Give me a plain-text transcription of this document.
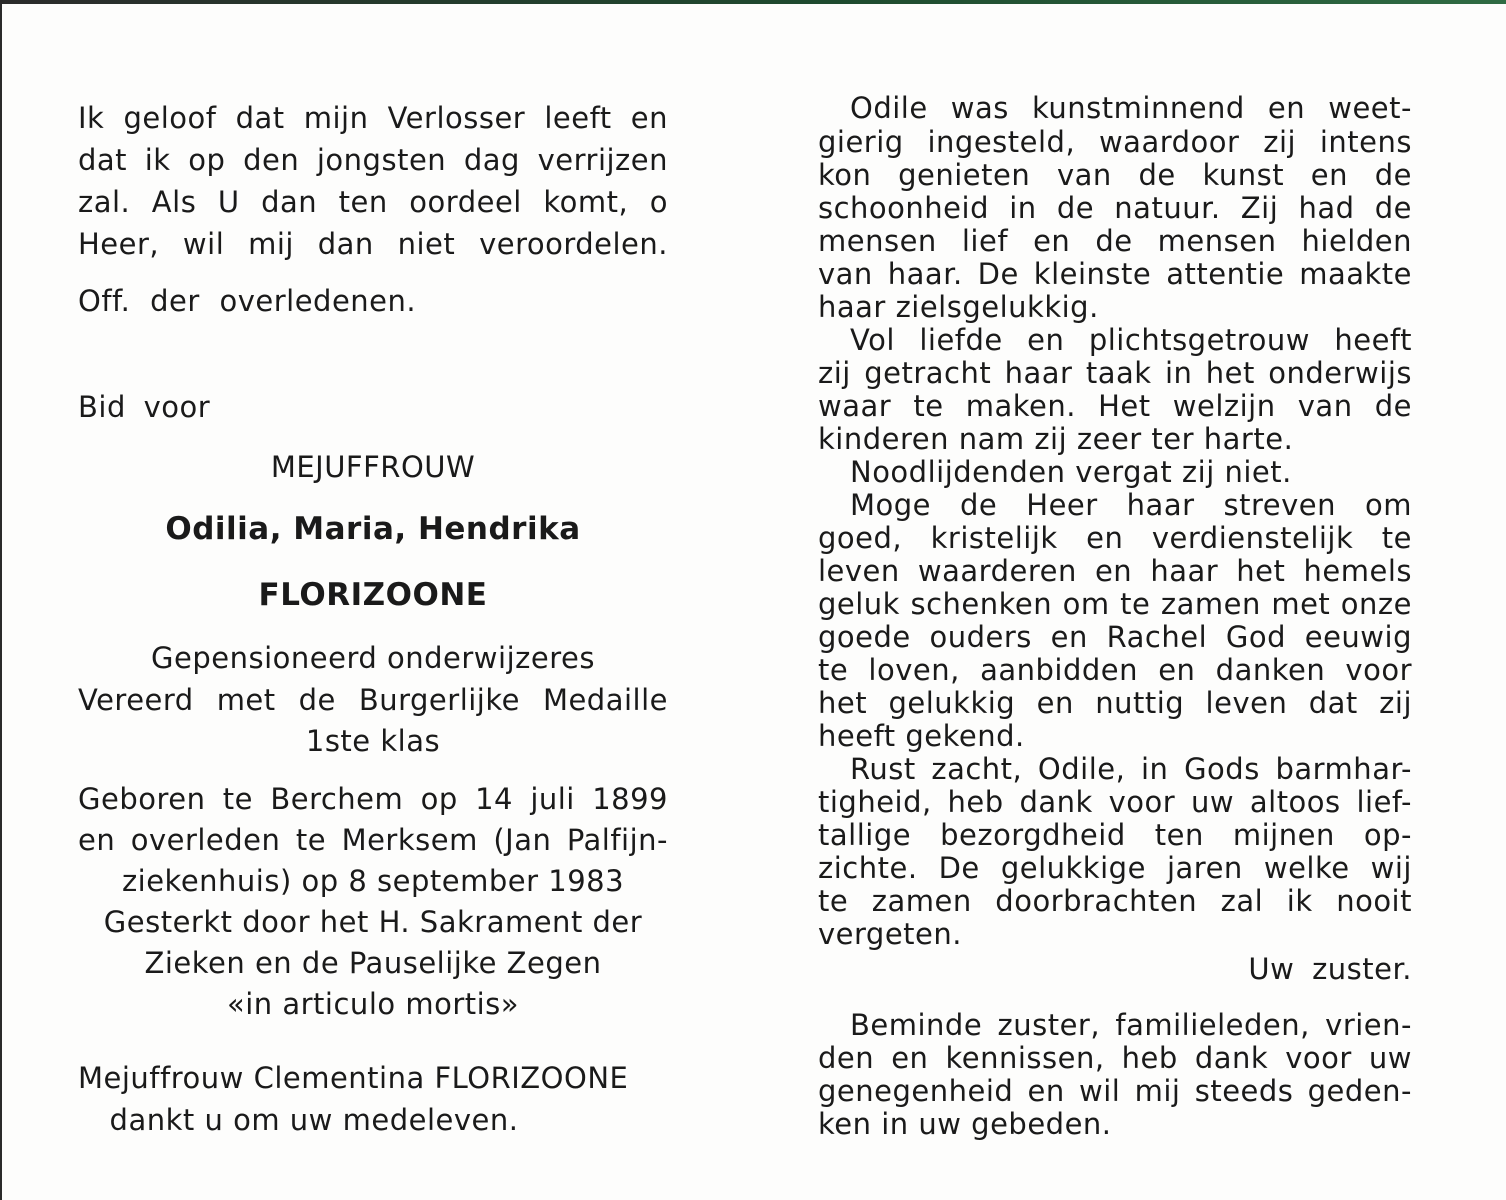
Ik geloof dat mijn Verlosser leeft en
dat ik op den jongsten dag verrijzen
zal. Als U dan ten oordeel komt, o
Heer, wil mij dan niet veroordelen.
Off. der overledenen.
Bid voor
MEJUFFROUW
Odilia, Maria, Hendrika
FLORIZOONE
Gepensioneerd onderwijzeres
Vereerd met de Burgerlijke Medaille
1ste klas
Geboren te Berchem op 14 juli 1899
en overleden te Merksem (Jan Palfijn-
ziekenhuis) op 8 september 1983
Gesterkt door het H. Sakrament der
Zieken en de Pauselijke Zegen
«in articulo mortis»
Mejuffrouw Clementina FLORIZOONE
dankt u om uw medeleven.
Odile was kunstminnend en weet-
gierig ingesteld, waardoor zij intens
kon genieten van de kunst en de
schoonheid in de natuur. Zij had de
mensen lief en de mensen hielden
van haar. De kleinste attentie maakte
haar zielsgelukkig.
Vol liefde en plichtsgetrouw heeft
zij getracht haar taak in het onderwijs
waar te maken. Het welzijn van de
kinderen nam zij zeer ter harte.
Noodlijdenden vergat zij niet.
Moge de Heer haar streven om
goed, kristelijk en verdienstelijk te
leven waarderen en haar het hemels
geluk schenken om te zamen met onze
goede ouders en Rachel God eeuwig
te loven, aanbidden en danken voor
het gelukkig en nuttig leven dat zij
heeft gekend.
Rust zacht, Odile, in Gods barmhar-
tigheid, heb dank voor uw altoos lief-
tallige bezorgdheid ten mijnen op-
zichte. De gelukkige jaren welke wij
te zamen doorbrachten zal ik nooit
vergeten.
Uw zuster.
Beminde zuster, familieleden, vrien-
den en kennissen, heb dank voor uw
genegenheid en wil mij steeds geden-
ken in uw gebeden.
